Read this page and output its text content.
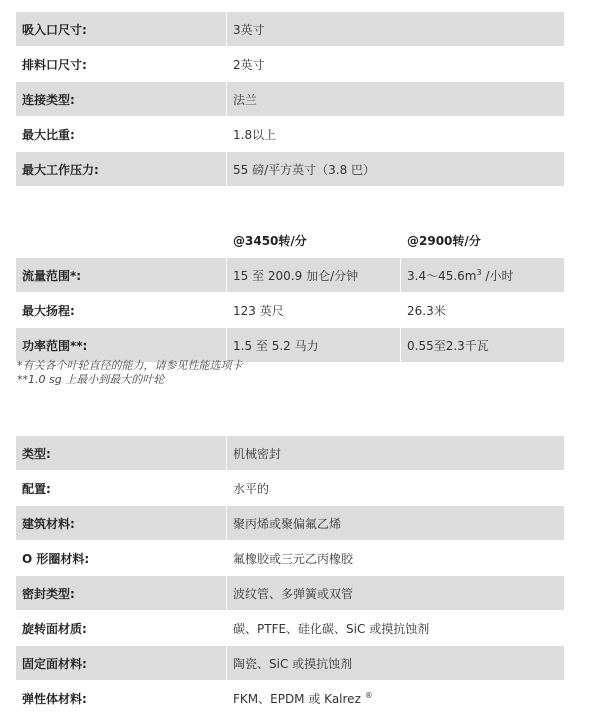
吸入口尺寸:	3英寸
排料口尺寸:	2英寸
连接类型:	法兰
最大比重:	1.8以上
最大工作压力:	55 磅/平方英寸（3.8 巴）
	@3450转/分	@2900转/分
流量范围*:	15 至 200.9 加仑/分钟	$3.4\sim 45.6m^3$ /小时
最大扬程:	123 英尺	26.3米
功率范围**:	1.5 至 5.2 马力	0.55至2.3千瓦
*有关各个叶轮直径的能力，请参见性能选项卡
**1.0 sg 上最小到最大的叶轮
类型:	机械密封
配置:	水平的
建筑材料:	聚丙烯或聚偏氟乙烯
O 形圈材料:	氟橡胶或三元乙丙橡胶
密封类型:	波纹管、多弹簧或双管
旋转面材质:	碳、PTFE、硅化碳、SiC 或摸抗蚀剂
固定面材料:	陶瓷、SiC 或摸抗蚀剂
弹性体材料:	FKM、EPDM 或 Kalrez ®
